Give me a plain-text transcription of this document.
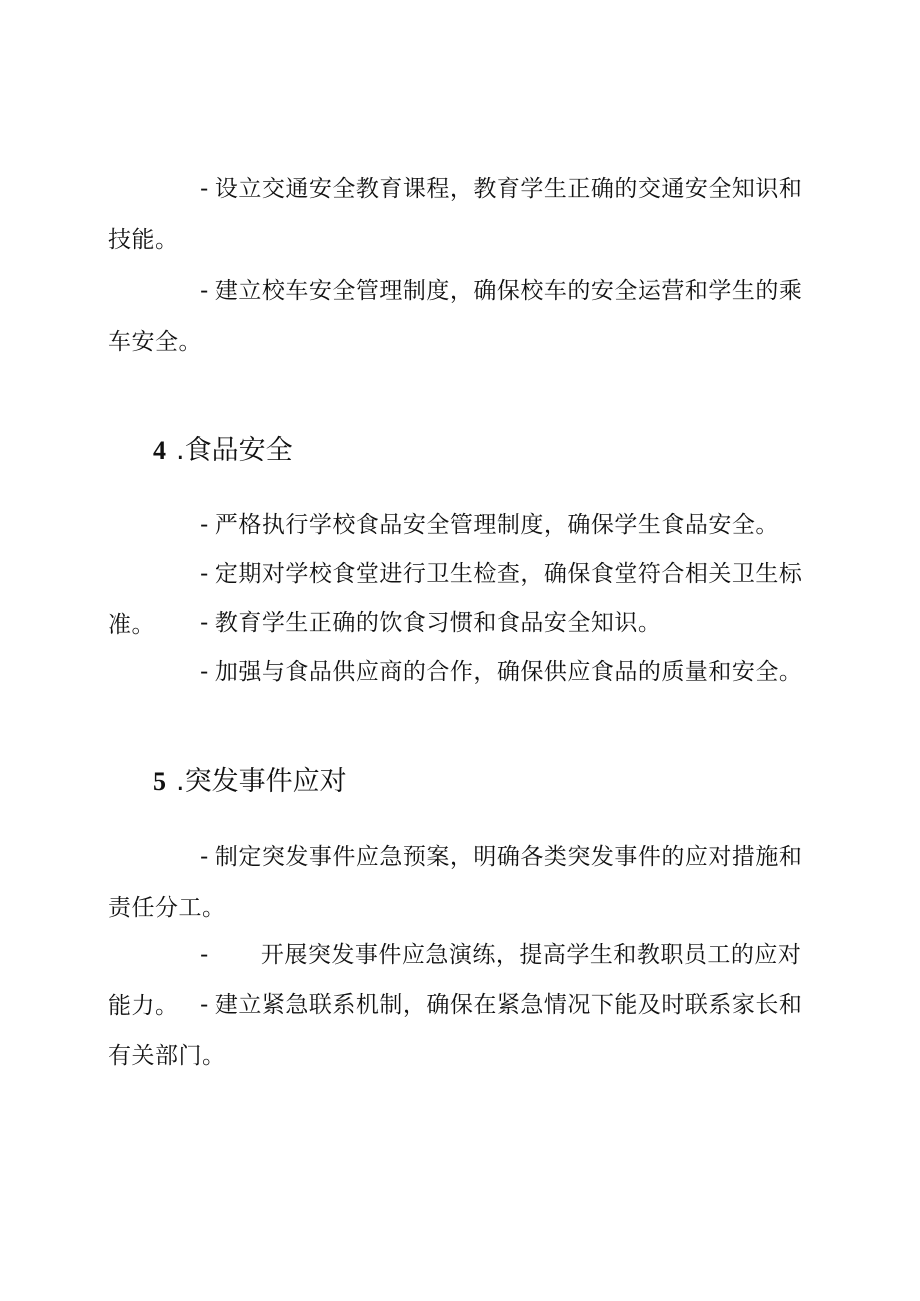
- 设立交通安全教育课程，教育学生正确的交通安全知识和技能。

- 建立校车安全管理制度，确保校车的安全运营和学生的乘车安全。

4 .食品安全

- 严格执行学校食品安全管理制度，确保学生食品安全。

- 定期对学校食堂进行卫生检查，确保食堂符合相关卫生标准。	- 教育学生正确的饮食习惯和食品安全知识。

- 加强与食品供应商的合作，确保供应食品的质量和安全。

5 .突发事件应对

- 制定突发事件应急预案，明确各类突发事件的应对措施和责任分工。

- 开展突发事件应急演练，提高学生和教职员工的应对能力。 - 建立紧急联系机制，确保在紧急情况下能及时联系家长和有关部门。
